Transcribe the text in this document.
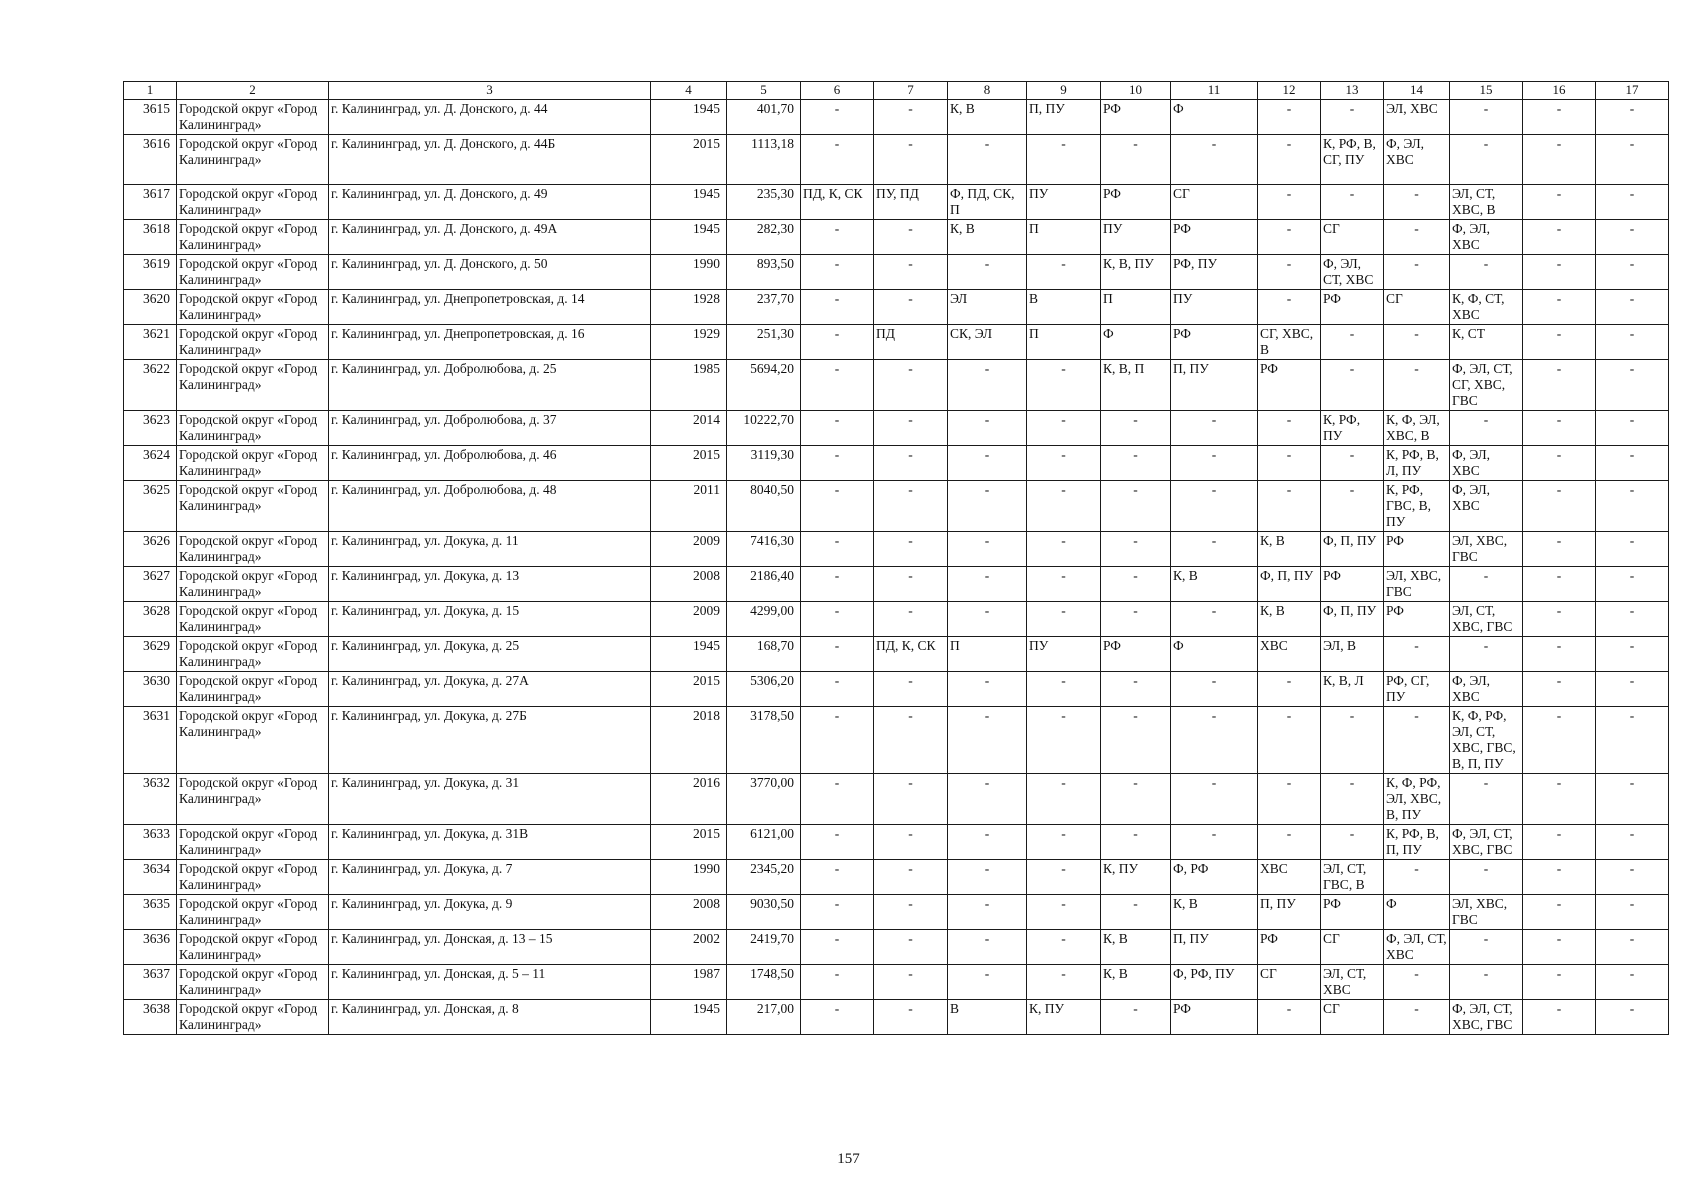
1	2	3	4	5	6	7	8	9	10	11	12	13	14	15	16	17
3615	Городской округ «Город Калининград»	г. Калининград, ул. Д. Донского, д. 44	1945	401,70	-	-	К, В	П, ПУ	РФ	Ф	-	-	ЭЛ, ХВС	-	-	-
3616	Городской округ «Город Калининград»	г. Калининград, ул. Д. Донского, д. 44Б	2015	1113,18	-	-	-	-	-	-	-	К, РФ, В, СГ, ПУ	Ф, ЭЛ, ХВС	-	-	-
3617	Городской округ «Город Калининград»	г. Калининград, ул. Д. Донского, д. 49	1945	235,30	ПД, К, СК	ПУ, ПД	Ф, ПД, СК, П	ПУ	РФ	СГ	-	-	-	ЭЛ, СТ, ХВС, В	-	-
3618	Городской округ «Город Калининград»	г. Калининград, ул. Д. Донского, д. 49А	1945	282,30	-	-	К, В	П	ПУ	РФ	-	СГ	-	Ф, ЭЛ, ХВС	-	-
3619	Городской округ «Город Калининград»	г. Калининград, ул. Д. Донского, д. 50	1990	893,50	-	-	-	-	К, В, ПУ	РФ, ПУ	-	Ф, ЭЛ, СТ, ХВС	-	-	-	-
3620	Городской округ «Город Калининград»	г. Калининград, ул. Днепропетровская, д. 14	1928	237,70	-	-	ЭЛ	В	П	ПУ	-	РФ	СГ	К, Ф, СТ, ХВС	-	-
3621	Городской округ «Город Калининград»	г. Калининград, ул. Днепропетровская, д. 16	1929	251,30	-	ПД	СК, ЭЛ	П	Ф	РФ	СГ, ХВС, В	-	-	К, СТ	-	-
3622	Городской округ «Город Калининград»	г. Калининград, ул. Добролюбова, д. 25	1985	5694,20	-	-	-	-	К, В, П	П, ПУ	РФ	-	-	Ф, ЭЛ, СТ, СГ, ХВС, ГВС	-	-
3623	Городской округ «Город Калининград»	г. Калининград, ул. Добролюбова, д. 37	2014	10222,70	-	-	-	-	-	-	-	К, РФ, ПУ	К, Ф, ЭЛ, ХВС, В	-	-	-
3624	Городской округ «Город Калининград»	г. Калининград, ул. Добролюбова, д. 46	2015	3119,30	-	-	-	-	-	-	-	-	К, РФ, В, Л, ПУ	Ф, ЭЛ, ХВС	-	-
3625	Городской округ «Город Калининград»	г. Калининград, ул. Добролюбова, д. 48	2011	8040,50	-	-	-	-	-	-	-	-	К, РФ, ГВС, В, ПУ	Ф, ЭЛ, ХВС	-	-
3626	Городской округ «Город Калининград»	г. Калининград, ул. Докука, д. 11	2009	7416,30	-	-	-	-	-	-	К, В	Ф, П, ПУ	РФ	ЭЛ, ХВС, ГВС	-	-
3627	Городской округ «Город Калининград»	г. Калининград, ул. Докука, д. 13	2008	2186,40	-	-	-	-	-	К, В	Ф, П, ПУ	РФ	ЭЛ, ХВС, ГВС	-	-	-
3628	Городской округ «Город Калининград»	г. Калининград, ул. Докука, д. 15	2009	4299,00	-	-	-	-	-	-	К, В	Ф, П, ПУ	РФ	ЭЛ, СТ, ХВС, ГВС	-	-
3629	Городской округ «Город Калининград»	г. Калининград, ул. Докука, д. 25	1945	168,70	-	ПД, К, СК	П	ПУ	РФ	Ф	ХВС	ЭЛ, В	-	-	-	-
3630	Городской округ «Город Калининград»	г. Калининград, ул. Докука, д. 27А	2015	5306,20	-	-	-	-	-	-	-	К, В, Л	РФ, СГ, ПУ	Ф, ЭЛ, ХВС	-	-
3631	Городской округ «Город Калининград»	г. Калининград, ул. Докука, д. 27Б	2018	3178,50	-	-	-	-	-	-	-	-	-	К, Ф, РФ, ЭЛ, СТ, ХВС, ГВС, В, П, ПУ	-	-
3632	Городской округ «Город Калининград»	г. Калининград, ул. Докука, д. 31	2016	3770,00	-	-	-	-	-	-	-	-	К, Ф, РФ, ЭЛ, ХВС, В, ПУ	-	-	-
3633	Городской округ «Город Калининград»	г. Калининград, ул. Докука, д. 31В	2015	6121,00	-	-	-	-	-	-	-	-	К, РФ, В, П, ПУ	Ф, ЭЛ, СТ, ХВС, ГВС	-	-
3634	Городской округ «Город Калининград»	г. Калининград, ул. Докука, д. 7	1990	2345,20	-	-	-	-	К, ПУ	Ф, РФ	ХВС	ЭЛ, СТ, ГВС, В	-	-	-	-
3635	Городской округ «Город Калининград»	г. Калининград, ул. Докука, д. 9	2008	9030,50	-	-	-	-	-	К, В	П, ПУ	РФ	Ф	ЭЛ, ХВС, ГВС	-	-
3636	Городской округ «Город Калининград»	г. Калининград, ул. Донская, д. 13 – 15	2002	2419,70	-	-	-	-	К, В	П, ПУ	РФ	СГ	Ф, ЭЛ, СТ, ХВС	-	-	-
3637	Городской округ «Город Калининград»	г. Калининград, ул. Донская, д. 5 – 11	1987	1748,50	-	-	-	-	К, В	Ф, РФ, ПУ	СГ	ЭЛ, СТ, ХВС	-	-	-	-
3638	Городской округ «Город Калининград»	г. Калининград, ул. Донская, д. 8	1945	217,00	-	-	В	К, ПУ	-	РФ	-	СГ	-	Ф, ЭЛ, СТ, ХВС, ГВС	-	-
157
